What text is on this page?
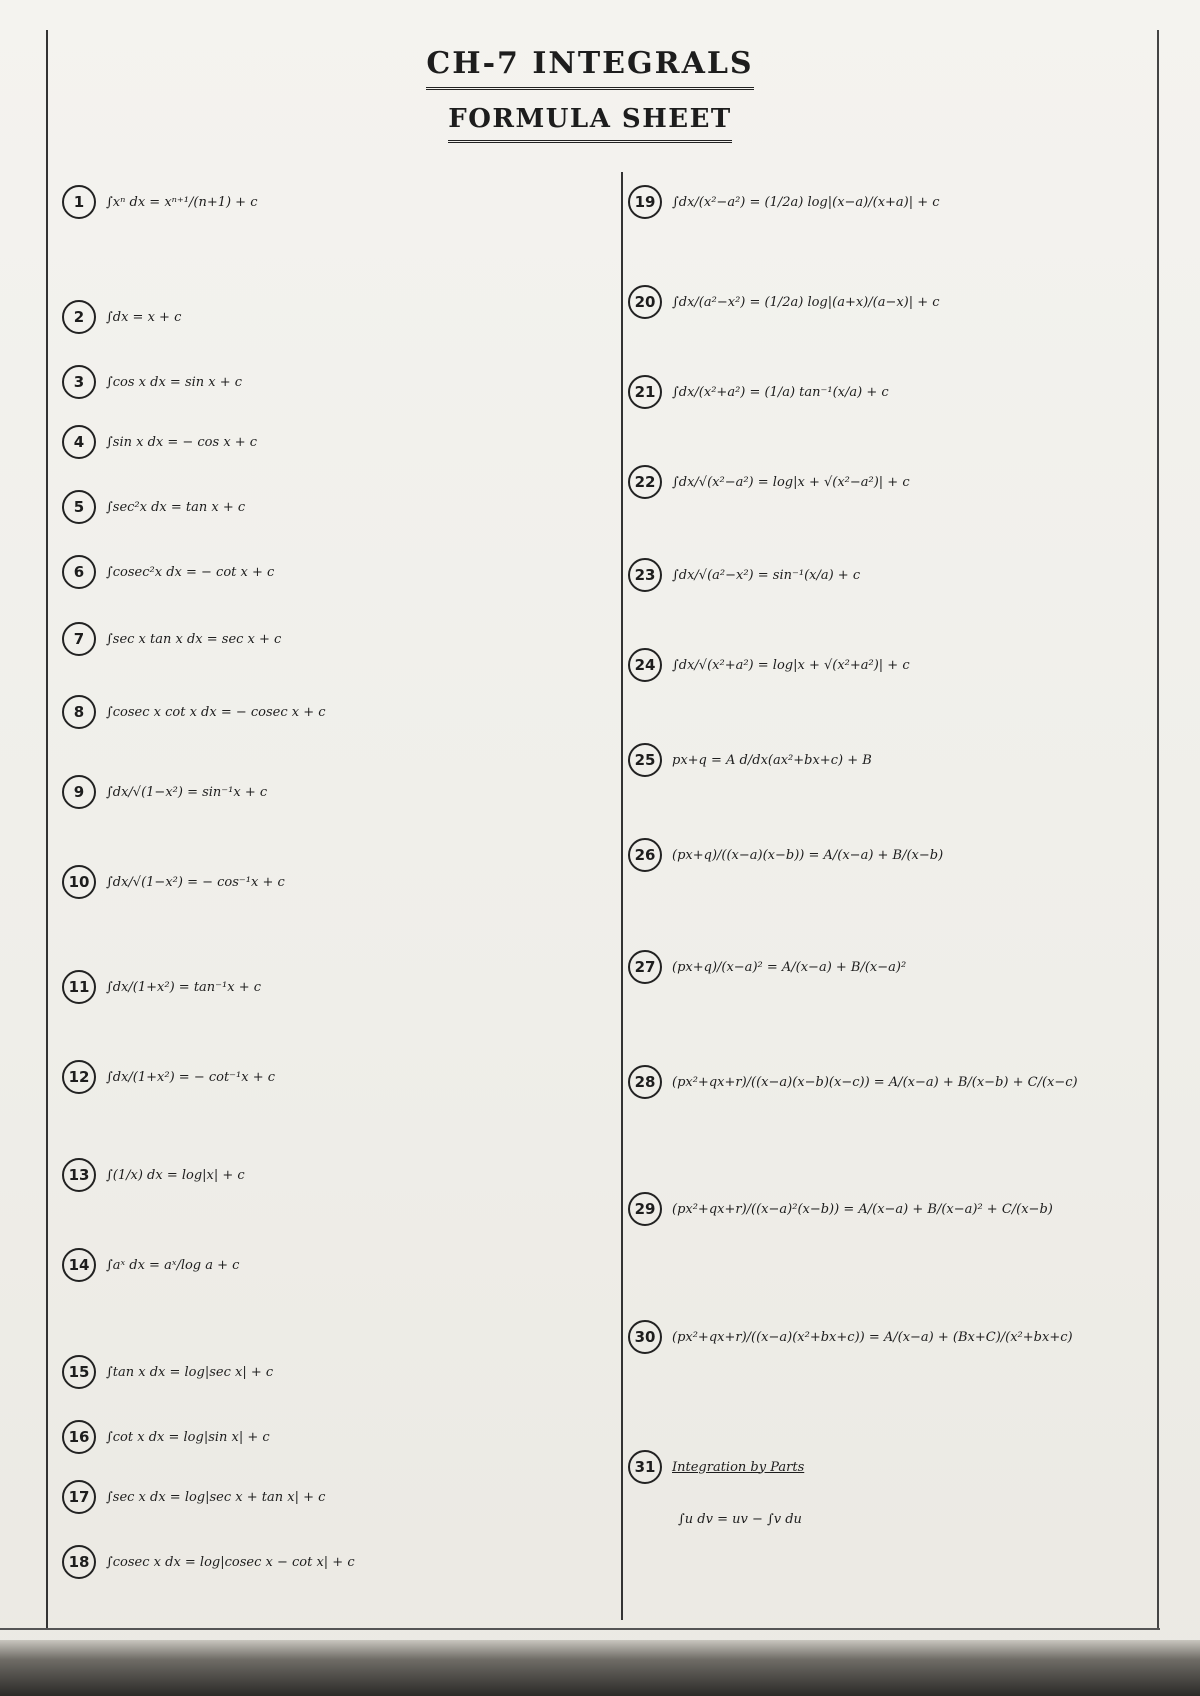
CH-7 INTEGRALS
FORMULA SHEET
1	∫xⁿ dx = xⁿ⁺¹/(n+1) + c
2	∫dx = x + c
3	∫cos x dx = sin x + c
4	∫sin x dx = − cos x + c
5	∫sec²x dx = tan x + c
6	∫cosec²x dx = − cot x + c
7	∫sec x tan x dx = sec x + c
8	∫cosec x cot x dx = − cosec x + c
9	∫dx/√(1−x²) = sin⁻¹x + c
10	∫dx/√(1−x²) = − cos⁻¹x + c
11	∫dx/(1+x²) = tan⁻¹x + c
12	∫dx/(1+x²) = − cot⁻¹x + c
13	∫(1/x) dx = log|x| + c
14	∫aˣ dx = aˣ/log a + c
15	∫tan x dx = log|sec x| + c
16	∫cot x dx = log|sin x| + c
17	∫sec x dx = log|sec x + tan x| + c
18	∫cosec x dx = log|cosec x − cot x| + c
19	∫dx/(x²−a²) = (1/2a) log|(x−a)/(x+a)| + c
20	∫dx/(a²−x²) = (1/2a) log|(a+x)/(a−x)| + c
21	∫dx/(x²+a²) = (1/a) tan⁻¹(x/a) + c
22	∫dx/√(x²−a²) = log|x + √(x²−a²)| + c
23	∫dx/√(a²−x²) = sin⁻¹(x/a) + c
24	∫dx/√(x²+a²) = log|x + √(x²+a²)| + c
25	px+q = A d/dx(ax²+bx+c) + B
26	(px+q)/((x−a)(x−b)) = A/(x−a) + B/(x−b)
27	(px+q)/(x−a)² = A/(x−a) + B/(x−a)²
28	(px²+qx+r)/((x−a)(x−b)(x−c)) = A/(x−a) + B/(x−b) + C/(x−c)
29	(px²+qx+r)/((x−a)²(x−b)) = A/(x−a) + B/(x−a)² + C/(x−b)
30	(px²+qx+r)/((x−a)(x²+bx+c)) = A/(x−a) + (Bx+C)/(x²+bx+c)
31	Integration by Parts
∫u dv = uv − ∫v du
